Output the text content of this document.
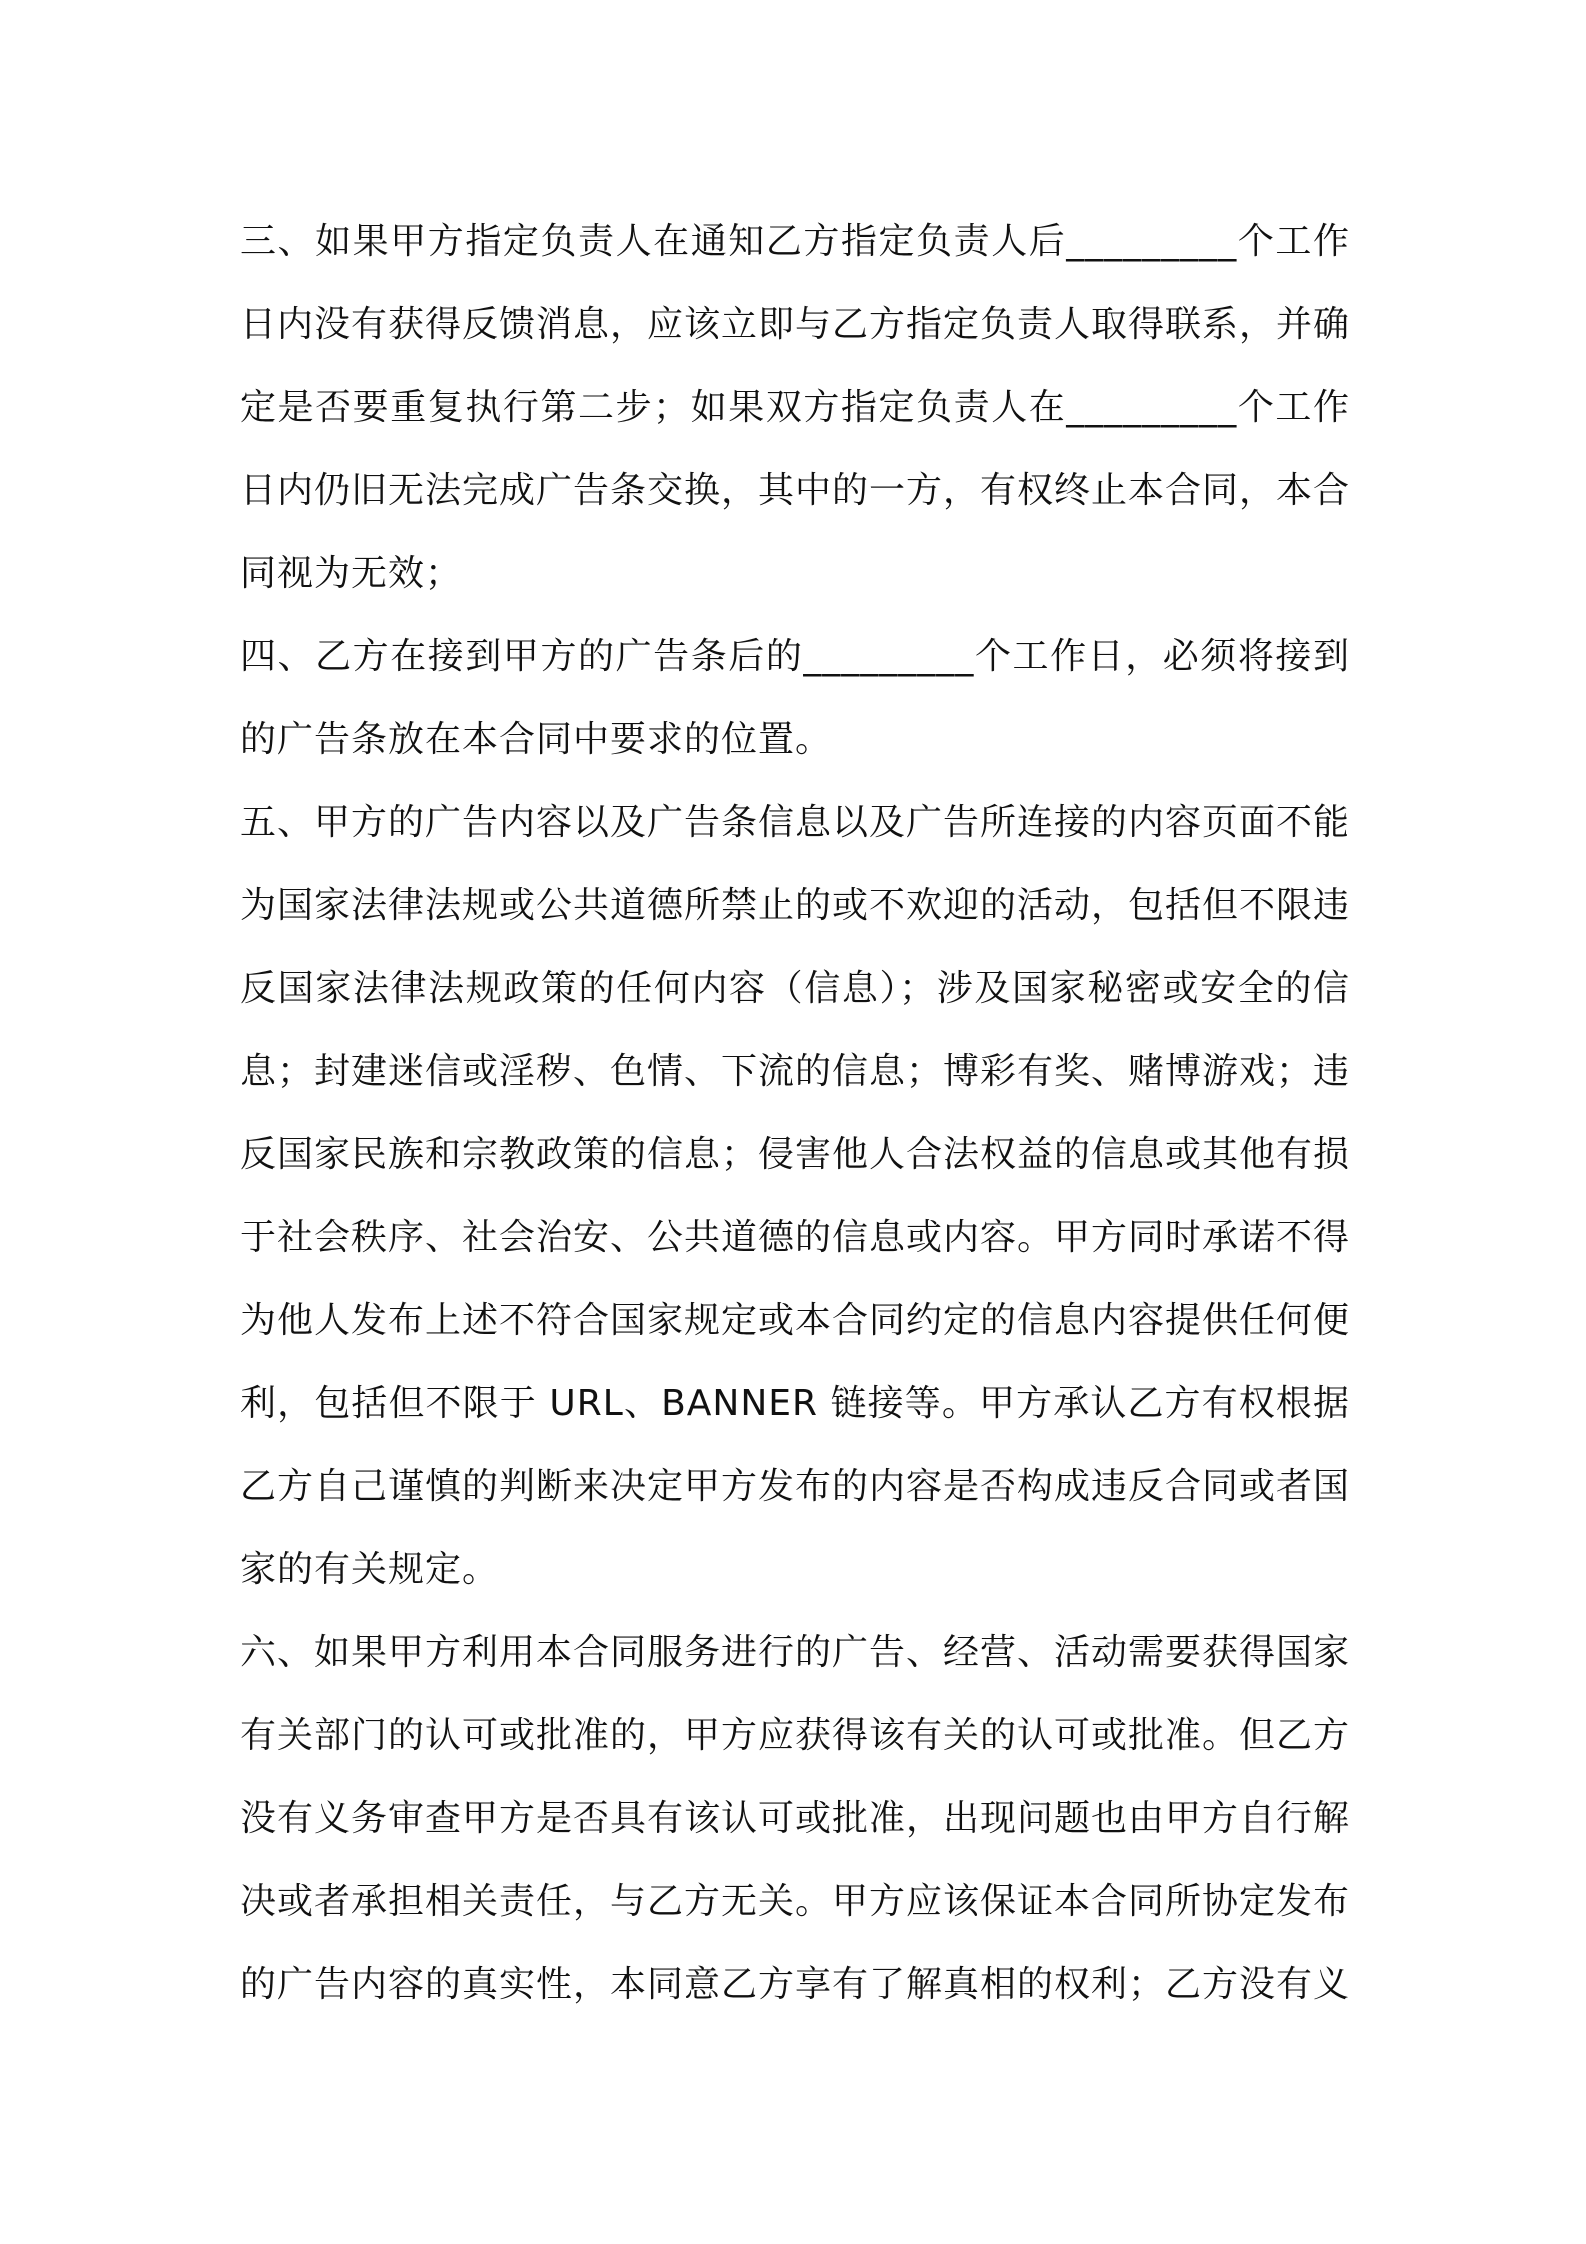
三、如果甲方指定负责人在通知乙方指定负责人后_________个工作日内没有获得反馈消息，应该立即与乙方指定负责人取得联系，并确定是否要重复执行第二步；如果双方指定负责人在_________个工作日内仍旧无法完成广告条交换，其中的一方，有权终止本合同，本合同视为无效；

四、乙方在接到甲方的广告条后的_________个工作日，必须将接到的广告条放在本合同中要求的位置。

五、甲方的广告内容以及广告条信息以及广告所连接的内容页面不能为国家法律法规或公共道德所禁止的或不欢迎的活动，包括但不限违反国家法律法规政策的任何内容（信息）；涉及国家秘密或安全的信息；封建迷信或淫秽、色情、下流的信息；博彩有奖、赌博游戏；违反国家民族和宗教政策的信息；侵害他人合法权益的信息或其他有损于社会秩序、社会治安、公共道德的信息或内容。甲方同时承诺不得为他人发布上述不符合国家规定或本合同约定的信息内容提供任何便利，包括但不限于 URL、BANNER 链接等。甲方承认乙方有权根据乙方自己谨慎的判断来决定甲方发布的内容是否构成违反合同或者国家的有关规定。

六、如果甲方利用本合同服务进行的广告、经营、活动需要获得国家有关部门的认可或批准的，甲方应获得该有关的认可或批准。但乙方没有义务审查甲方是否具有该认可或批准，出现问题也由甲方自行解决或者承担相关责任，与乙方无关。甲方应该保证本合同所协定发布的广告内容的真实性，本同意乙方享有了解真相的权利；乙方没有义
